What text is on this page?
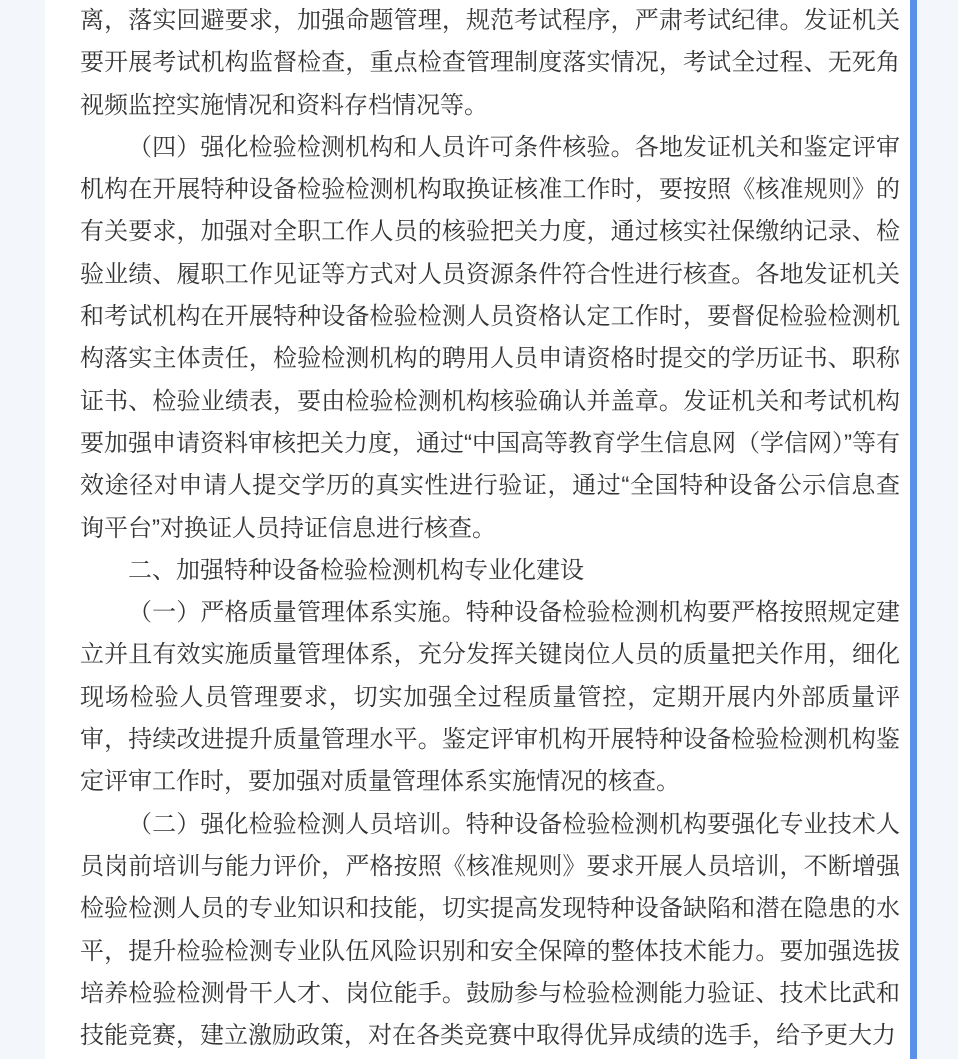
离，落实回避要求，加强命题管理，规范考试程序，严肃考试纪律。发证机关要开展考试机构监督检查，重点检查管理制度落实情况，考试全过程、无死角视频监控实施情况和资料存档情况等。

（四）强化检验检测机构和人员许可条件核验。各地发证机关和鉴定评审机构在开展特种设备检验检测机构取换证核准工作时，要按照《核准规则》的有关要求，加强对全职工作人员的核验把关力度，通过核实社保缴纳记录、检验业绩、履职工作见证等方式对人员资源条件符合性进行核查。各地发证机关和考试机构在开展特种设备检验检测人员资格认定工作时，要督促检验检测机构落实主体责任，检验检测机构的聘用人员申请资格时提交的学历证书、职称证书、检验业绩表，要由检验检测机构核验确认并盖章。发证机关和考试机构要加强申请资料审核把关力度，通过“中国高等教育学生信息网（学信网）”等有效途径对申请人提交学历的真实性进行验证，通过“全国特种设备公示信息查询平台”对换证人员持证信息进行核查。

二、加强特种设备检验检测机构专业化建设

（一）严格质量管理体系实施。特种设备检验检测机构要严格按照规定建立并且有效实施质量管理体系，充分发挥关键岗位人员的质量把关作用，细化现场检验人员管理要求，切实加强全过程质量管控，定期开展内外部质量评审，持续改进提升质量管理水平。鉴定评审机构开展特种设备检验检测机构鉴定评审工作时，要加强对质量管理体系实施情况的核查。

（二）强化检验检测人员培训。特种设备检验检测机构要强化专业技术人员岗前培训与能力评价，严格按照《核准规则》要求开展人员培训，不断增强检验检测人员的专业知识和技能，切实提高发现特种设备缺陷和潜在隐患的水平，提升检验检测专业队伍风险识别和安全保障的整体技术能力。要加强选拔培养检验检测骨干人才、岗位能手。鼓励参与检验检测能力验证、技术比武和技能竞赛，建立激励政策，对在各类竞赛中取得优异成绩的选手，给予更大力
